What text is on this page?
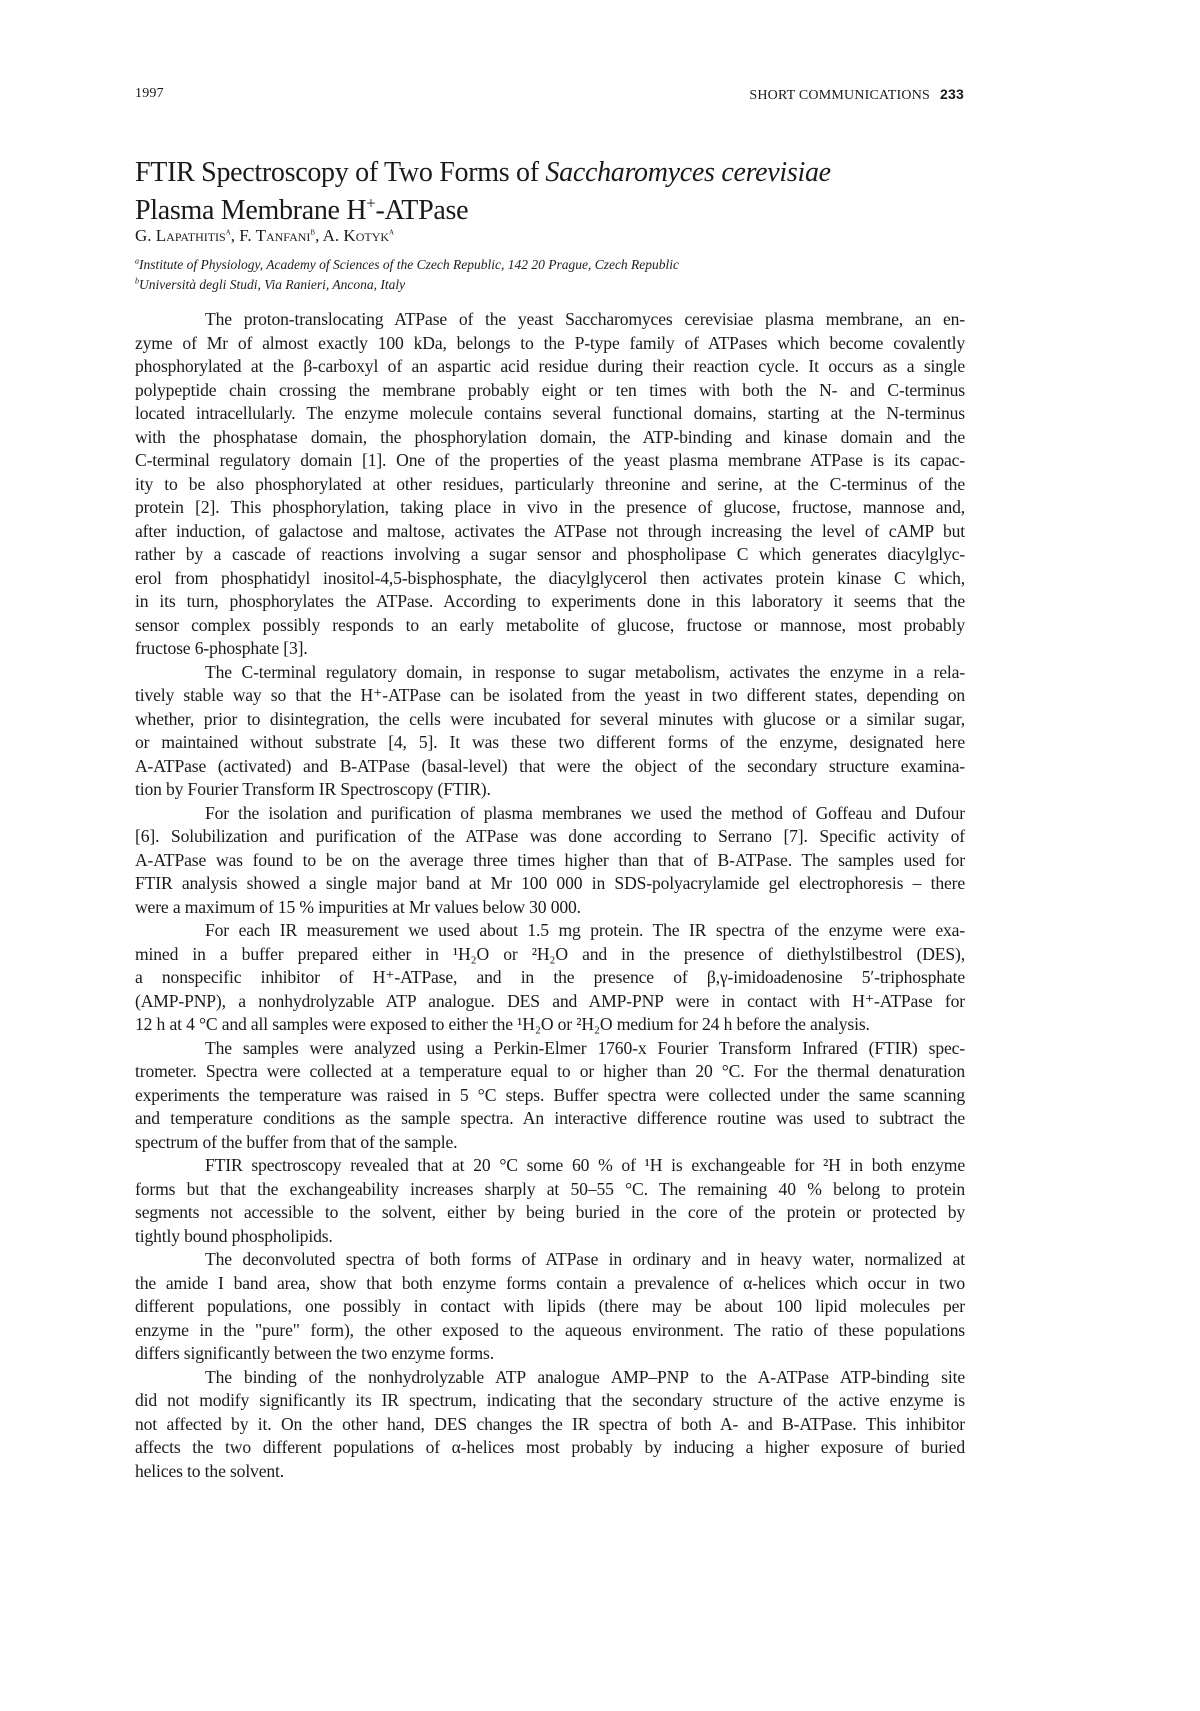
1997	SHORT COMMUNICATIONS 233
FTIR Spectroscopy of Two Forms of Saccharomyces cerevisiae
Plasma Membrane H+-ATPase
G. Lapathitis$^a$, F. Tanfani$^b$, A. Kotyk$^a$
$^a$Institute of Physiology, Academy of Sciences of the Czech Republic, 142 20 Prague, Czech Republic
$^b$Università degli Studi, Via Ranieri, Ancona, Italy
The proton-translocating ATPase of the yeast Saccharomyces cerevisiae plasma membrane, an en-
zyme of Mr of almost exactly 100 kDa, belongs to the P-type family of ATPases which become covalently
phosphorylated at the β-carboxyl of an aspartic acid residue during their reaction cycle. It occurs as a single
polypeptide chain crossing the membrane probably eight or ten times with both the N- and C-terminus
located intracellularly. The enzyme molecule contains several functional domains, starting at the N-terminus
with the phosphatase domain, the phosphorylation domain, the ATP-binding and kinase domain and the
C-terminal regulatory domain [1]. One of the properties of the yeast plasma membrane ATPase is its capac-
ity to be also phosphorylated at other residues, particularly threonine and serine, at the C-terminus of the
protein [2]. This phosphorylation, taking place in vivo in the presence of glucose, fructose, mannose and,
after induction, of galactose and maltose, activates the ATPase not through increasing the level of cAMP but
rather by a cascade of reactions involving a sugar sensor and phospholipase C which generates diacylglyc-
erol from phosphatidyl inositol-4,5-bisphosphate, the diacylglycerol then activates protein kinase C which,
in its turn, phosphorylates the ATPase. According to experiments done in this laboratory it seems that the
sensor complex possibly responds to an early metabolite of glucose, fructose or mannose, most probably
fructose 6-phosphate [3].
The C-terminal regulatory domain, in response to sugar metabolism, activates the enzyme in a rela-
tively stable way so that the H⁺-ATPase can be isolated from the yeast in two different states, depending on
whether, prior to disintegration, the cells were incubated for several minutes with glucose or a similar sugar,
or maintained without substrate [4, 5]. It was these two different forms of the enzyme, designated here
A-ATPase (activated) and B-ATPase (basal-level) that were the object of the secondary structure examina-
tion by Fourier Transform IR Spectroscopy (FTIR).
For the isolation and purification of plasma membranes we used the method of Goffeau and Dufour
[6]. Solubilization and purification of the ATPase was done according to Serrano [7]. Specific activity of
A-ATPase was found to be on the average three times higher than that of B-ATPase. The samples used for
FTIR analysis showed a single major band at Mr 100 000 in SDS-polyacrylamide gel electrophoresis – there
were a maximum of 15 % impurities at Mr values below 30 000.
For each IR measurement we used about 1.5 mg protein. The IR spectra of the enzyme were exa-
mined in a buffer prepared either in ¹H₂O or ²H₂O and in the presence of diethylstilbestrol (DES),
a nonspecific inhibitor of H⁺-ATPase, and in the presence of β,γ-imidoadenosine 5′-triphosphate
(AMP-PNP), a nonhydrolyzable ATP analogue. DES and AMP-PNP were in contact with H⁺-ATPase for
12 h at 4 °C and all samples were exposed to either the ¹H₂O or ²H₂O medium for 24 h before the analysis.
The samples were analyzed using a Perkin-Elmer 1760-x Fourier Transform Infrared (FTIR) spec-
trometer. Spectra were collected at a temperature equal to or higher than 20 °C. For the thermal denaturation
experiments the temperature was raised in 5 °C steps. Buffer spectra were collected under the same scanning
and temperature conditions as the sample spectra. An interactive difference routine was used to subtract the
spectrum of the buffer from that of the sample.
FTIR spectroscopy revealed that at 20 °C some 60 % of ¹H is exchangeable for ²H in both enzyme
forms but that the exchangeability increases sharply at 50–55 °C. The remaining 40 % belong to protein
segments not accessible to the solvent, either by being buried in the core of the protein or protected by
tightly bound phospholipids.
The deconvoluted spectra of both forms of ATPase in ordinary and in heavy water, normalized at
the amide I band area, show that both enzyme forms contain a prevalence of α-helices which occur in two
different populations, one possibly in contact with lipids (there may be about 100 lipid molecules per
enzyme in the "pure" form), the other exposed to the aqueous environment. The ratio of these populations
differs significantly between the two enzyme forms.
The binding of the nonhydrolyzable ATP analogue AMP–PNP to the A-ATPase ATP-binding site
did not modify significantly its IR spectrum, indicating that the secondary structure of the active enzyme is
not affected by it. On the other hand, DES changes the IR spectra of both A- and B-ATPase. This inhibitor
affects the two different populations of α-helices most probably by inducing a higher exposure of buried
helices to the solvent.
